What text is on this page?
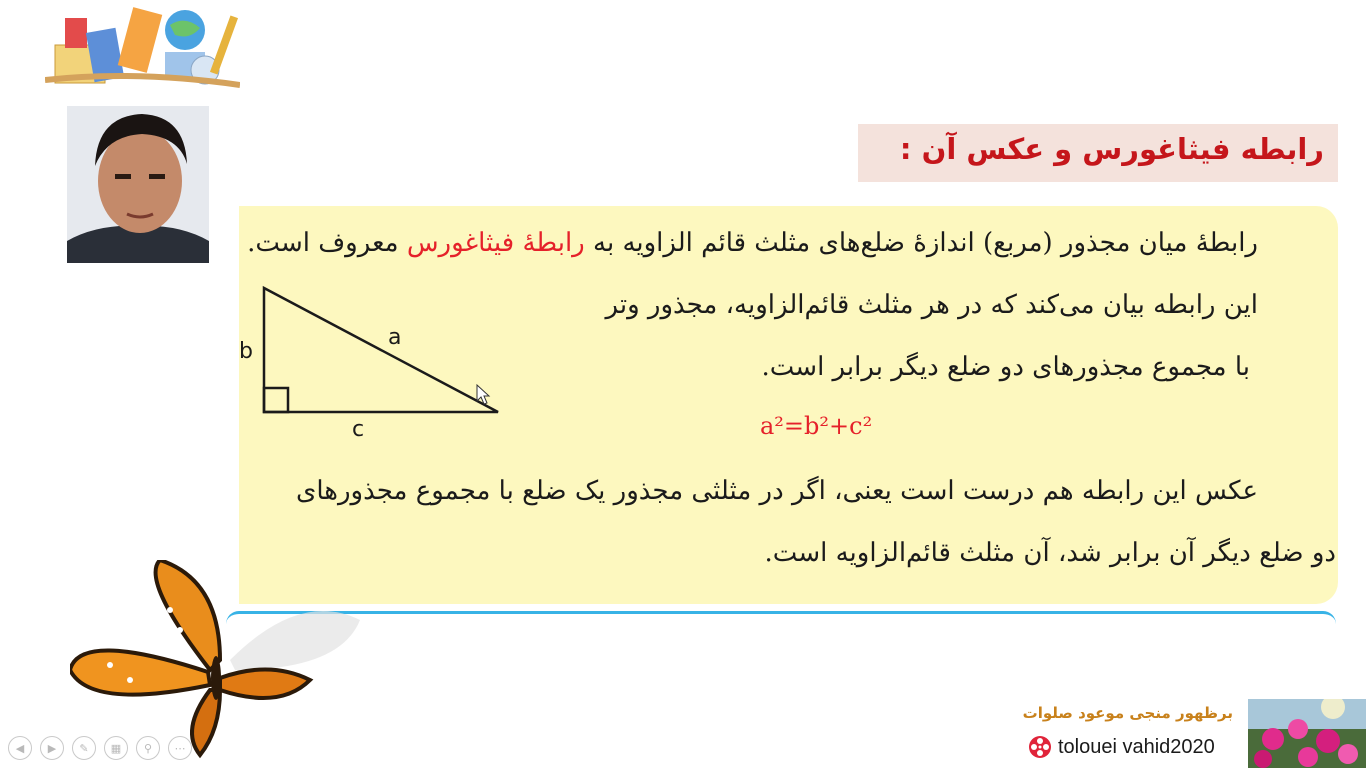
رابطه فیثاغورس و عکس آن :
رابطهٔ میان مجذور (مربع) اندازهٔ ضلع‌های مثلث قائم الزاویه به رابطهٔ فیثاغورس معروف است.
این رابطه بیان می‌کند که در هر مثلث قائم‌الزاویه، مجذور وتر
با مجموع مجذورهای دو ضلع دیگر برابر است.
a²=b²+c²
عکس این رابطه هم درست است یعنی، اگر در مثلثی مجذور یک ضلع با مجموع مجذورهای
دو ضلع دیگر آن برابر شد، آن مثلث قائم‌الزاویه است.
a
b
c
◀	▶	✎	▦	⚲	⋯
برظهور منجی موعود صلوات
tolouei vahid2020
